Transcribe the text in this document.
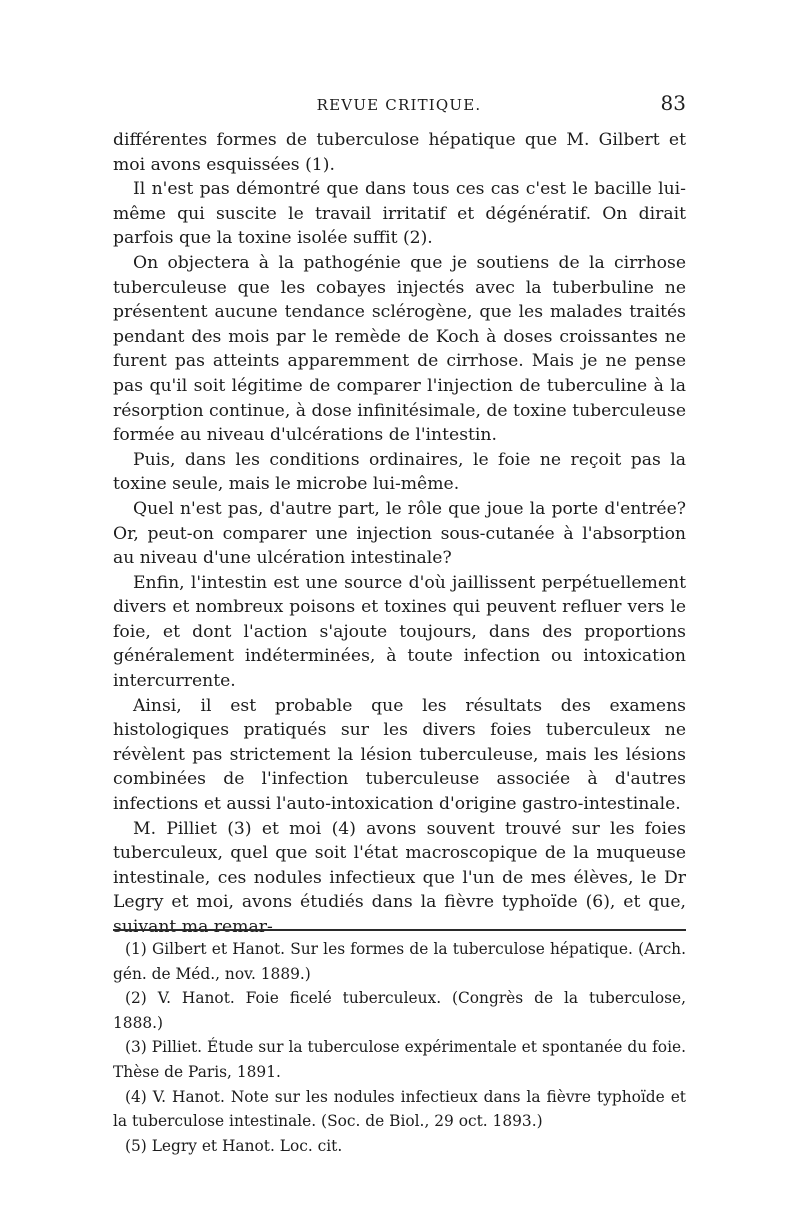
REVUE CRITIQUE.	83

différentes formes de tuberculose hépatique que M. Gilbert et moi avons esquissées (1).

Il n'est pas démontré que dans tous ces cas c'est le bacille lui-même qui suscite le travail irritatif et dégénératif. On dirait parfois que la toxine isolée suffit (2).

On objectera à la pathogénie que je soutiens de la cirrhose tuberculeuse que les cobayes injectés avec la tuberbuline ne présentent aucune tendance sclérogène, que les malades traités pendant des mois par le remède de Koch à doses croissantes ne furent pas atteints apparemment de cirrhose. Mais je ne pense pas qu'il soit légitime de comparer l'injection de tuberculine à la résorption continue, à dose infinitésimale, de toxine tuberculeuse formée au niveau d'ulcérations de l'intestin.

Puis, dans les conditions ordinaires, le foie ne reçoit pas la toxine seule, mais le microbe lui-même.

Quel n'est pas, d'autre part, le rôle que joue la porte d'entrée? Or, peut-on comparer une injection sous-cutanée à l'absorption au niveau d'une ulcération intestinale?

Enfin, l'intestin est une source d'où jaillissent perpétuellement divers et nombreux poisons et toxines qui peuvent refluer vers le foie, et dont l'action s'ajoute toujours, dans des proportions généralement indéterminées, à toute infection ou intoxication intercurrente.

Ainsi, il est probable que les résultats des examens histologiques pratiqués sur les divers foies tuberculeux ne révèlent pas strictement la lésion tuberculeuse, mais les lésions combinées de l'infection tuberculeuse associée à d'autres infections et aussi l'auto-intoxication d'origine gastro-intestinale.

M. Pilliet (3) et moi (4) avons souvent trouvé sur les foies tuberculeux, quel que soit l'état macroscopique de la muqueuse intestinale, ces nodules infectieux que l'un de mes élèves, le Dr Legry et moi, avons étudiés dans la fièvre typhoïde (6), et que, suivant ma remar-

(1) Gilbert et Hanot. Sur les formes de la tuberculose hépatique. (Arch. gén. de Méd., nov. 1889.)

(2) V. Hanot. Foie ficelé tuberculeux. (Congrès de la tuberculose, 1888.)

(3) Pilliet. Étude sur la tuberculose expérimentale et spontanée du foie. Thèse de Paris, 1891.

(4) V. Hanot. Note sur les nodules infectieux dans la fièvre typhoïde et la tuberculose intestinale. (Soc. de Biol., 29 oct. 1893.)

(5) Legry et Hanot. Loc. cit.
